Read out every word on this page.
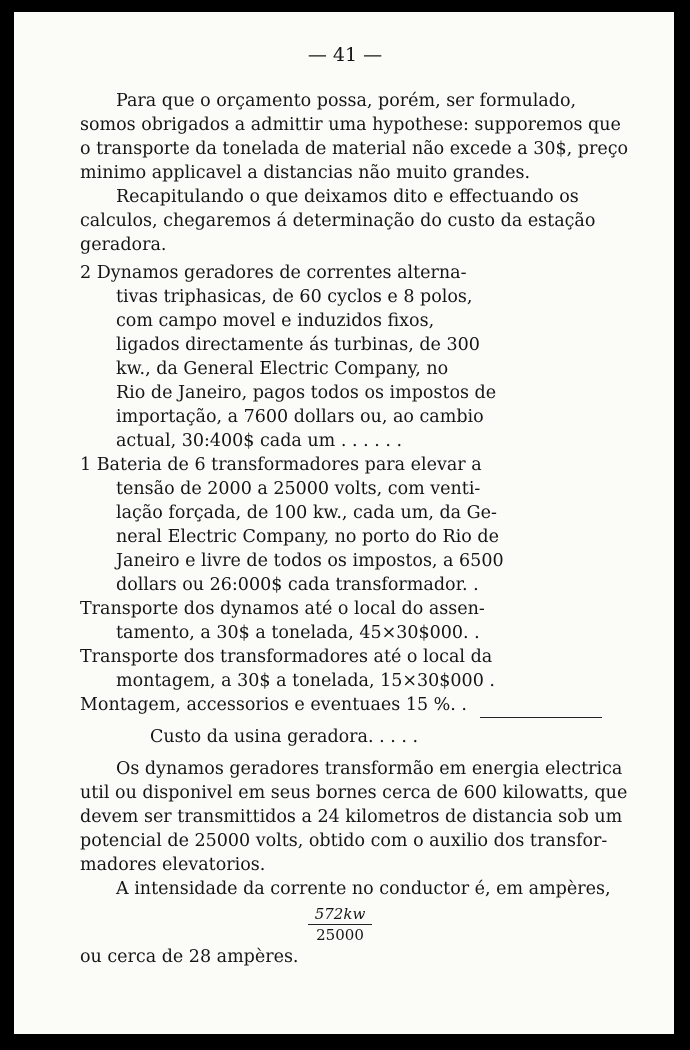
— 41 —
Para que o orçamento possa, porém, ser formulado,
somos obrigados a admittir uma hypothese: supporemos que
o transporte da tonelada de material não excede a 30$, preço
minimo applicavel a distancias não muito grandes.
Recapitulando o que deixamos dito e effectuando os
calculos, chegaremos á determinação do custo da estação
geradora.
2 Dynamos geradores de correntes alterna-
tivas triphasicas, de 60 cyclos e 8 polos,
com campo movel e induzidos fixos,
ligados directamente ás turbinas, de 300
kw., da General Electric Company, no
Rio de Janeiro, pagos todos os impostos de
importação, a 7600 dollars ou, ao cambio
actual, 30:400$ cada um . . . . . .
1 Bateria de 6 transformadores para elevar a
tensão de 2000 a 25000 volts, com venti-
lação forçada, de 100 kw., cada um, da Ge-
neral Electric Company, no porto do Rio de
Janeiro e livre de todos os impostos, a 6500
dollars ou 26:000$ cada transformador. .
Transporte dos dynamos até o local do assen-
tamento, a 30$ a tonelada, 45×30$000. .
Transporte dos transformadores até o local da
montagem, a 30$ a tonelada, 15×30$000 .
Montagem, accessorios e eventuaes 15 %. .
Custo da usina geradora. . . . .
Os dynamos geradores transformão em energia electrica
util ou disponivel em seus bornes cerca de 600 kilowatts, que
devem ser transmittidos a 24 kilometros de distancia sob um
potencial de 25000 volts, obtido com o auxilio dos transfor-
madores elevatorios.
A intensidade da corrente no conductor é, em ampères,
ou cerca de 28 ampères.
572kw
25000
